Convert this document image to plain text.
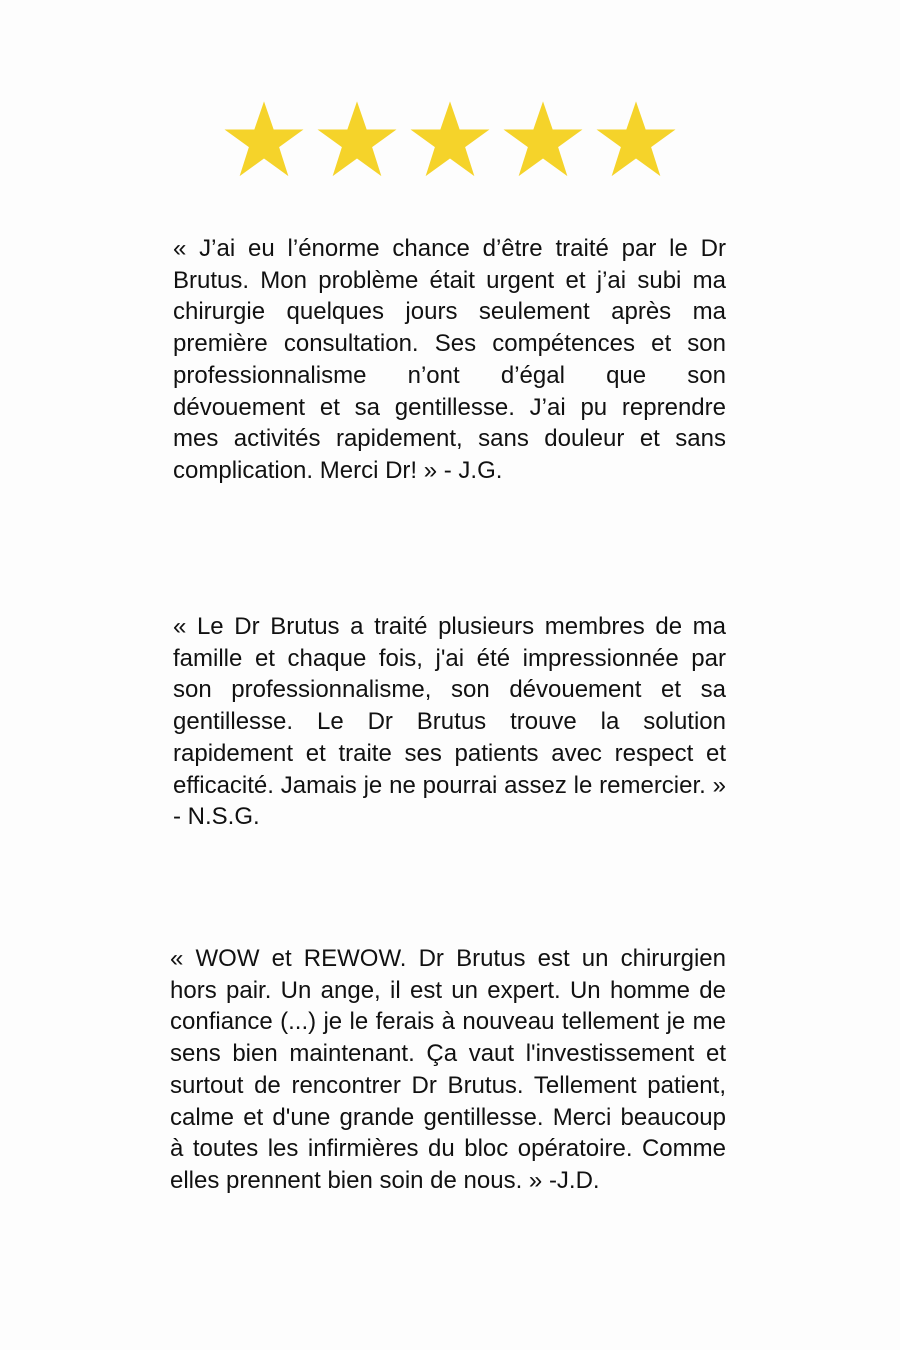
« J’ai eu l’énorme chance d’être traité par le Dr Brutus. Mon problème était urgent et j’ai subi ma chirurgie quelques jours seulement après ma première consultation. Ses compétences et son professionnalisme n’ont d’égal que son dévouement et sa gentillesse. J’ai pu reprendre mes activités rapidement, sans douleur et sans complication. Merci Dr! » - J.G.

« Le Dr Brutus a traité plusieurs membres de ma famille et chaque fois, j'ai été impressionnée par son professionnalisme, son dévouement et sa gentillesse. Le Dr Brutus trouve la solution rapidement et traite ses patients avec respect et efficacité. Jamais je ne pourrai assez le remercier. » - N.S.G.

« WOW et REWOW. Dr Brutus est un chirurgien hors pair. Un ange, il est un expert. Un homme de confiance (...) je le ferais à nouveau tellement je me sens bien maintenant. Ça vaut l'investissement et surtout de rencontrer Dr Brutus. Tellement patient, calme et d'une grande gentillesse. Merci beaucoup à toutes les infirmières du bloc opératoire. Comme elles prennent bien soin de nous. » -J.D.
